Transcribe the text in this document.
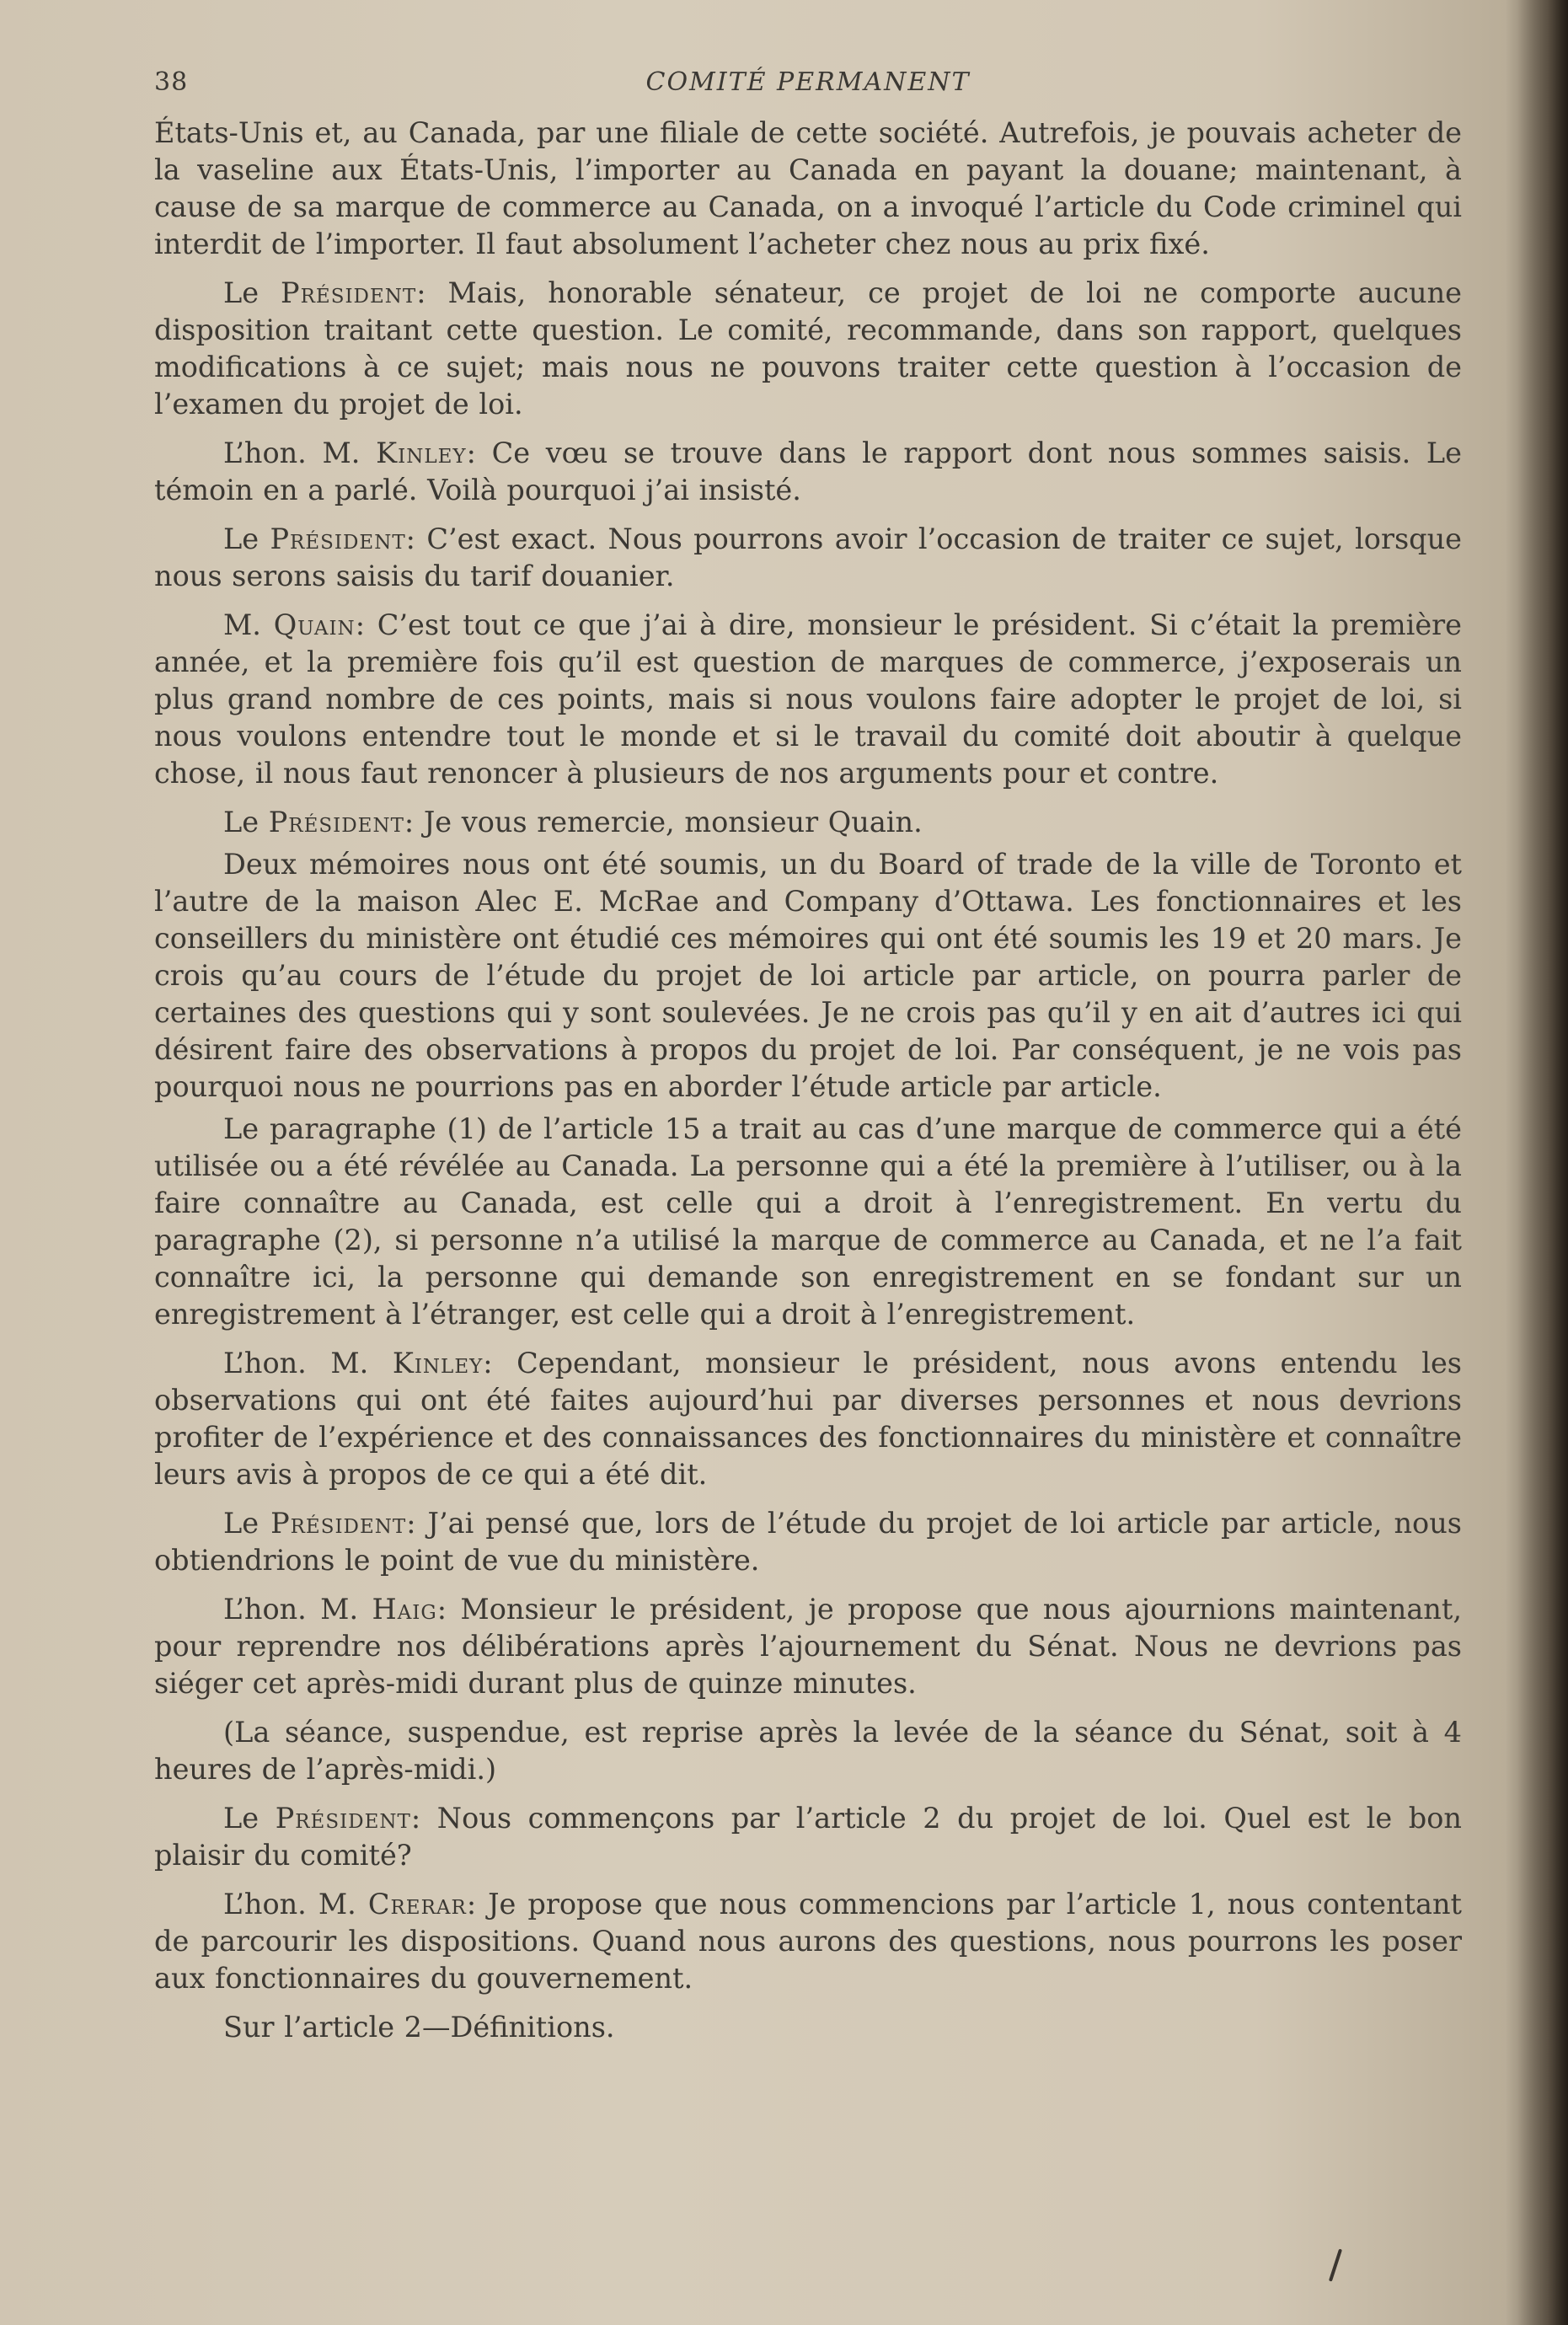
38	COMITÉ PERMANENT

États-Unis et, au Canada, par une filiale de cette société. Autrefois, je pouvais acheter de la vaseline aux États-Unis, l’importer au Canada en payant la douane; maintenant, à cause de sa marque de commerce au Canada, on a invoqué l’article du Code criminel qui interdit de l’importer. Il faut absolument l’acheter chez nous au prix fixé.

Le Président: Mais, honorable sénateur, ce projet de loi ne comporte aucune disposition traitant cette question. Le comité, recommande, dans son rapport, quelques modifications à ce sujet; mais nous ne pouvons traiter cette question à l’occasion de l’examen du projet de loi.

L’hon. M. Kinley: Ce vœu se trouve dans le rapport dont nous sommes saisis. Le témoin en a parlé. Voilà pourquoi j’ai insisté.

Le Président: C’est exact. Nous pourrons avoir l’occasion de traiter ce sujet, lorsque nous serons saisis du tarif douanier.

M. Quain: C’est tout ce que j’ai à dire, monsieur le président. Si c’était la première année, et la première fois qu’il est question de marques de commerce, j’exposerais un plus grand nombre de ces points, mais si nous voulons faire adopter le projet de loi, si nous voulons entendre tout le monde et si le travail du comité doit aboutir à quelque chose, il nous faut renoncer à plusieurs de nos arguments pour et contre.

Le Président: Je vous remercie, monsieur Quain.

Deux mémoires nous ont été soumis, un du Board of trade de la ville de Toronto et l’autre de la maison Alec E. McRae and Company d’Ottawa. Les fonctionnaires et les conseillers du ministère ont étudié ces mémoires qui ont été soumis les 19 et 20 mars. Je crois qu’au cours de l’étude du projet de loi article par article, on pourra parler de certaines des questions qui y sont soulevées. Je ne crois pas qu’il y en ait d’autres ici qui désirent faire des observations à propos du projet de loi. Par conséquent, je ne vois pas pourquoi nous ne pourrions pas en aborder l’étude article par article.

Le paragraphe (1) de l’article 15 a trait au cas d’une marque de commerce qui a été utilisée ou a été révélée au Canada. La personne qui a été la première à l’utiliser, ou à la faire connaître au Canada, est celle qui a droit à l’enregistrement. En vertu du paragraphe (2), si personne n’a utilisé la marque de commerce au Canada, et ne l’a fait connaître ici, la personne qui demande son enregistrement en se fondant sur un enregistrement à l’étranger, est celle qui a droit à l’enregistrement.

L’hon. M. Kinley: Cependant, monsieur le président, nous avons entendu les observations qui ont été faites aujourd’hui par diverses personnes et nous devrions profiter de l’expérience et des connaissances des fonctionnaires du ministère et connaître leurs avis à propos de ce qui a été dit.

Le Président: J’ai pensé que, lors de l’étude du projet de loi article par article, nous obtiendrions le point de vue du ministère.

L’hon. M. Haig: Monsieur le président, je propose que nous ajournions maintenant, pour reprendre nos délibérations après l’ajournement du Sénat. Nous ne devrions pas siéger cet après-midi durant plus de quinze minutes.

(La séance, suspendue, est reprise après la levée de la séance du Sénat, soit à 4 heures de l’après-midi.)

Le Président: Nous commençons par l’article 2 du projet de loi. Quel est le bon plaisir du comité?

L’hon. M. Crerar: Je propose que nous commencions par l’article 1, nous contentant de parcourir les dispositions. Quand nous aurons des questions, nous pourrons les poser aux fonctionnaires du gouvernement.

Sur l’article 2—Définitions.
